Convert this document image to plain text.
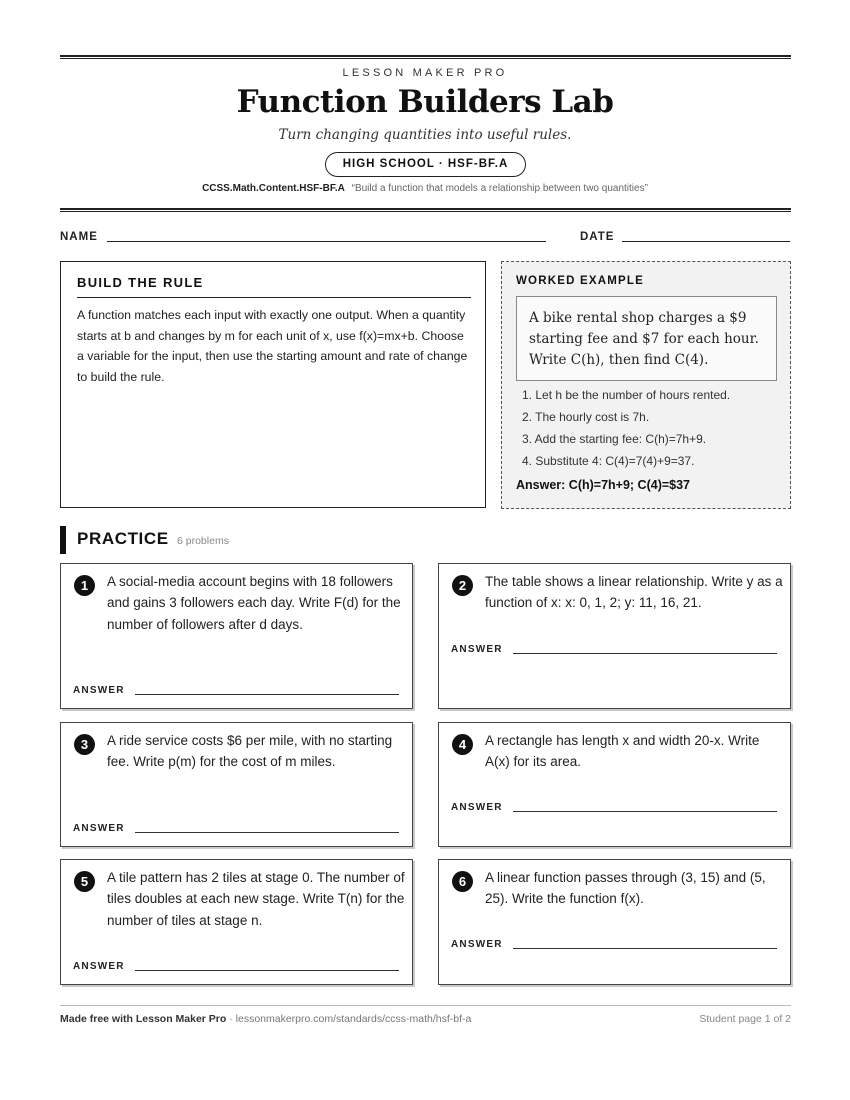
LESSON MAKER PRO
Function Builders Lab
Turn changing quantities into useful rules.
HIGH SCHOOL · HSF-BF.A
CCSS.Math.Content.HSF-BF.A “Build a function that models a relationship between two quantities”
NAME	DATE
BUILD THE RULE
A function matches each input with exactly one output. When a quantity starts at b and changes by m for each unit of x, use f(x)=mx+b. Choose a variable for the input, then use the starting amount and rate of change to build the rule.
WORKED EXAMPLE
A bike rental shop charges a $9 starting fee and $7 for each hour. Write C(h), then find C(4).
1. Let h be the number of hours rented.
2. The hourly cost is 7h.
3. Add the starting fee: C(h)=7h+9.
4. Substitute 4: C(4)=7(4)+9=37.
Answer: C(h)=7h+9; C(4)=$37
PRACTICE 6 problems
1	A social-media account begins with 18 followers and gains 3 followers each day. Write F(d) for the number of followers after d days.
ANSWER
2	The table shows a linear relationship. Write y as a function of x: x: 0, 1, 2; y: 11, 16, 21.
ANSWER
3	A ride service costs $6 per mile, with no starting fee. Write p(m) for the cost of m miles.
ANSWER
4	A rectangle has length x and width 20-x. Write A(x) for its area.
ANSWER
5	A tile pattern has 2 tiles at stage 0. The number of tiles doubles at each new stage. Write T(n) for the number of tiles at stage n.
ANSWER
6	A linear function passes through (3, 15) and (5, 25). Write the function f(x).
ANSWER
Made free with Lesson Maker Pro · lessonmakerpro.com/standards/ccss-math/hsf-bf-a	Student page 1 of 2
